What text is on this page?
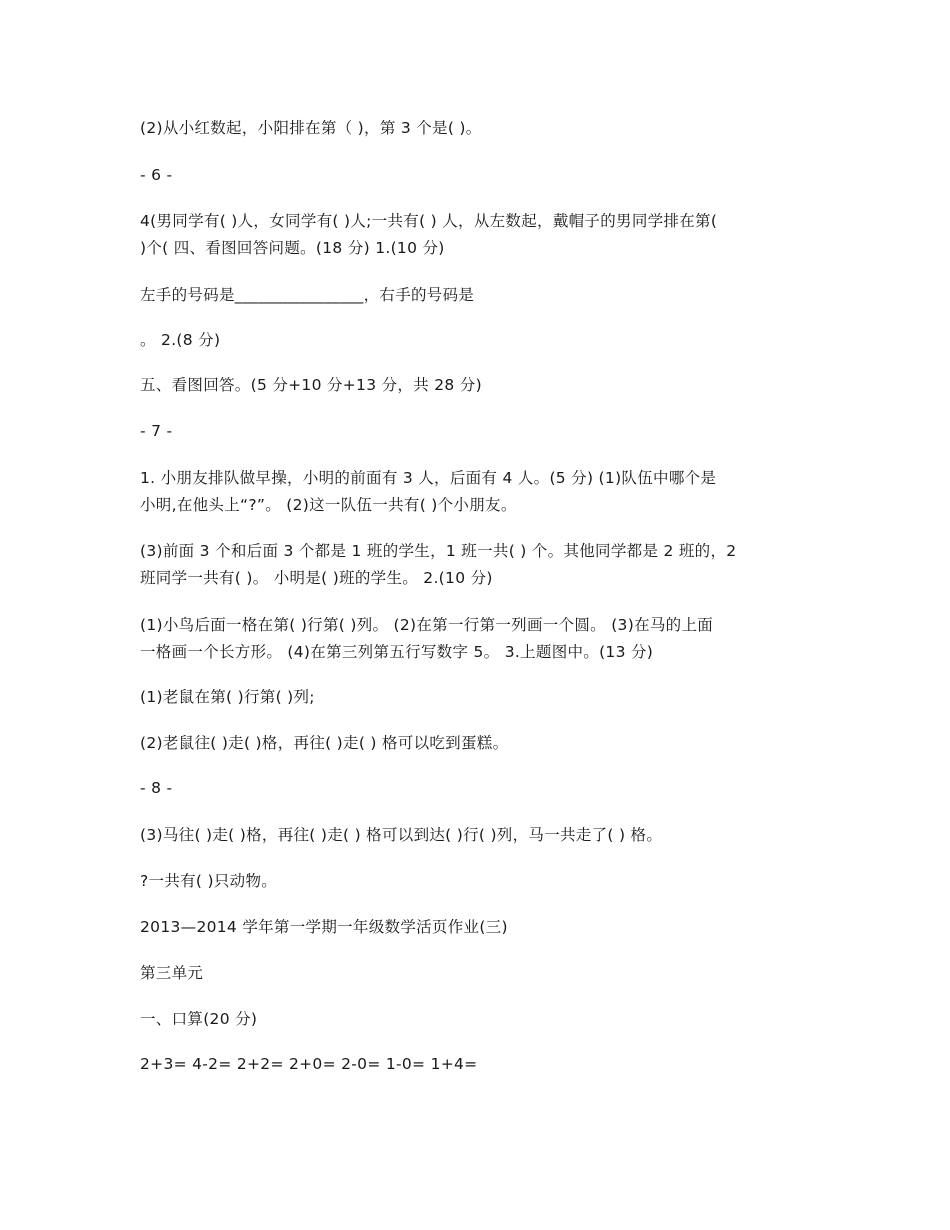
(2)从小红数起，小阳排在第（ )，第 3 个是( )。
- 6 -
4(男同学有( )人，女同学有( )人;一共有( ) 人，从左数起，戴帽子的男同学排在第(
)个( 四、看图回答问题。(18 分) 1.(10 分)
左手的号码是________________，右手的号码是
。 2.(8 分)
五、看图回答。(5 分+10 分+13 分，共 28 分)
- 7 -
1. 小朋友排队做早操，小明的前面有 3 人，后面有 4 人。(5 分) (1)队伍中哪个是
小明,在他头上“?”。 (2)这一队伍一共有( )个小朋友。
(3)前面 3 个和后面 3 个都是 1 班的学生，1 班一共( ) 个。其他同学都是 2 班的，2
班同学一共有( )。 小明是( )班的学生。 2.(10 分)
(1)小鸟后面一格在第( )行第( )列。 (2)在第一行第一列画一个圆。 (3)在马的上面
一格画一个长方形。 (4)在第三列第五行写数字 5。 3.上题图中。(13 分)
(1)老鼠在第( )行第( )列;
(2)老鼠往( )走( )格，再往( )走( ) 格可以吃到蛋糕。
- 8 -
(3)马往( )走( )格，再往( )走( ) 格可以到达( )行( )列，马一共走了( ) 格。
?一共有( )只动物。
2013—2014 学年第一学期一年级数学活页作业(三)
第三单元
一、口算(20 分)
2+3= 4-2= 2+2= 2+0= 2-0= 1-0= 1+4=
